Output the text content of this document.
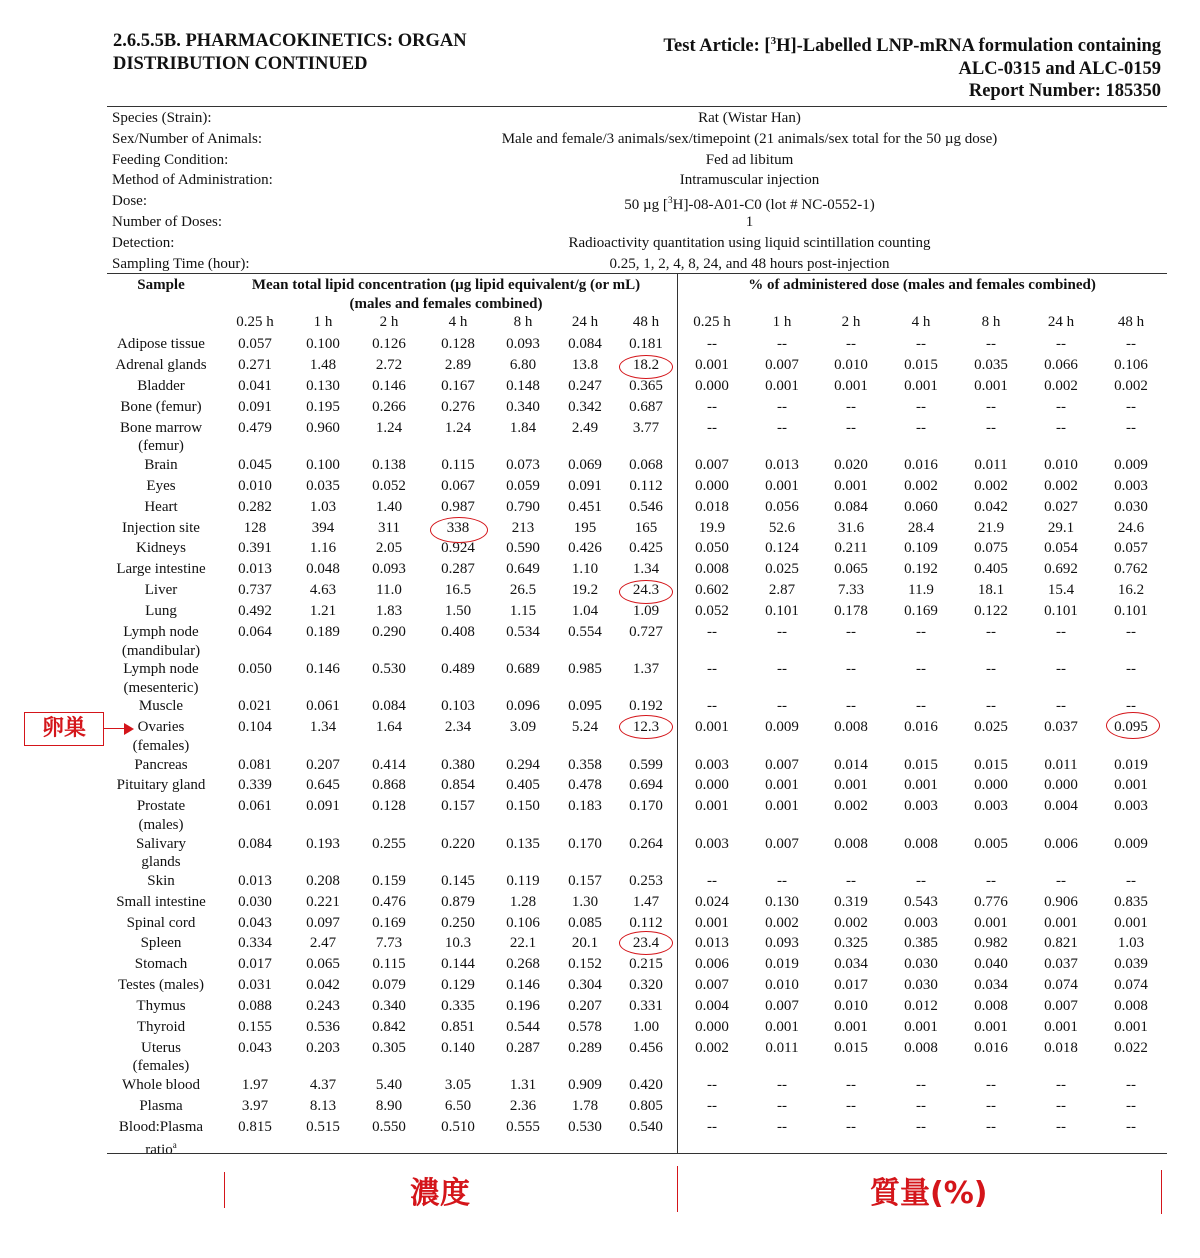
2.6.5.5B. PHARMACOKINETICS: ORGAN
DISTRIBUTION CONTINUED
Test Article: [$^3$H]-Labelled LNP-mRNA formulation containing
ALC-0315 and ALC-0159
Report Number: 185350
Species (Strain):	Rat (Wistar Han)
Sex/Number of Animals:	Male and female/3 animals/sex/timepoint (21 animals/sex total for the 50 µg dose)
Feeding Condition:	Fed ad libitum
Method of Administration:	Intramuscular injection
Dose:	50 µg [$^3$H]-08-A01-C0 (lot # NC-0552-1)
Number of Doses:	1
Detection:	Radioactivity quantitation using liquid scintillation counting
Sampling Time (hour):	0.25, 1, 2, 4, 8, 24, and 48 hours post-injection
Sample	Mean total lipid concentration (µg lipid equivalent/g (or mL)
(males and females combined)
% of administered dose (males and females combined)
0.25 h	1 h	2 h	4 h	8 h	24 h	48 h	0.25 h	1 h	2 h	4 h	8 h	24 h	48 h
Adipose tissue	0.057	0.100	0.126	0.128	0.093	0.084	0.181	--	--	--	--	--	--	--
Adrenal glands	0.271	1.48	2.72	2.89	6.80	13.8	18.2	0.001	0.007	0.010	0.015	0.035	0.066	0.106
Bladder	0.041	0.130	0.146	0.167	0.148	0.247	0.365	0.000	0.001	0.001	0.001	0.001	0.002	0.002
Bone (femur)	0.091	0.195	0.266	0.276	0.340	0.342	0.687	--	--	--	--	--	--	--
Bone marrow
(femur)
0.479	0.960	1.24	1.24	1.84	2.49	3.77	--	--	--	--	--	--	--
Brain	0.045	0.100	0.138	0.115	0.073	0.069	0.068	0.007	0.013	0.020	0.016	0.011	0.010	0.009
Eyes	0.010	0.035	0.052	0.067	0.059	0.091	0.112	0.000	0.001	0.001	0.002	0.002	0.002	0.003
Heart	0.282	1.03	1.40	0.987	0.790	0.451	0.546	0.018	0.056	0.084	0.060	0.042	0.027	0.030
Injection site	128	394	311	338	213	195	165	19.9	52.6	31.6	28.4	21.9	29.1	24.6
Kidneys	0.391	1.16	2.05	0.924	0.590	0.426	0.425	0.050	0.124	0.211	0.109	0.075	0.054	0.057
Large intestine	0.013	0.048	0.093	0.287	0.649	1.10	1.34	0.008	0.025	0.065	0.192	0.405	0.692	0.762
Liver	0.737	4.63	11.0	16.5	26.5	19.2	24.3	0.602	2.87	7.33	11.9	18.1	15.4	16.2
Lung	0.492	1.21	1.83	1.50	1.15	1.04	1.09	0.052	0.101	0.178	0.169	0.122	0.101	0.101
Lymph node
(mandibular)
0.064	0.189	0.290	0.408	0.534	0.554	0.727	--	--	--	--	--	--	--
Lymph node
(mesenteric)
0.050	0.146	0.530	0.489	0.689	0.985	1.37	--	--	--	--	--	--	--
Muscle	0.021	0.061	0.084	0.103	0.096	0.095	0.192	--	--	--	--	--	--	--
Ovaries
(females)
0.104	1.34	1.64	2.34	3.09	5.24	12.3	0.001	0.009	0.008	0.016	0.025	0.037	0.095
Pancreas	0.081	0.207	0.414	0.380	0.294	0.358	0.599	0.003	0.007	0.014	0.015	0.015	0.011	0.019
Pituitary gland	0.339	0.645	0.868	0.854	0.405	0.478	0.694	0.000	0.001	0.001	0.001	0.000	0.000	0.001
Prostate
(males)
0.061	0.091	0.128	0.157	0.150	0.183	0.170	0.001	0.001	0.002	0.003	0.003	0.004	0.003
Salivary
glands
0.084	0.193	0.255	0.220	0.135	0.170	0.264	0.003	0.007	0.008	0.008	0.005	0.006	0.009
Skin	0.013	0.208	0.159	0.145	0.119	0.157	0.253	--	--	--	--	--	--	--
Small intestine	0.030	0.221	0.476	0.879	1.28	1.30	1.47	0.024	0.130	0.319	0.543	0.776	0.906	0.835
Spinal cord	0.043	0.097	0.169	0.250	0.106	0.085	0.112	0.001	0.002	0.002	0.003	0.001	0.001	0.001
Spleen	0.334	2.47	7.73	10.3	22.1	20.1	23.4	0.013	0.093	0.325	0.385	0.982	0.821	1.03
Stomach	0.017	0.065	0.115	0.144	0.268	0.152	0.215	0.006	0.019	0.034	0.030	0.040	0.037	0.039
Testes (males)	0.031	0.042	0.079	0.129	0.146	0.304	0.320	0.007	0.010	0.017	0.030	0.034	0.074	0.074
Thymus	0.088	0.243	0.340	0.335	0.196	0.207	0.331	0.004	0.007	0.010	0.012	0.008	0.007	0.008
Thyroid	0.155	0.536	0.842	0.851	0.544	0.578	1.00	0.000	0.001	0.001	0.001	0.001	0.001	0.001
Uterus
(females)
0.043	0.203	0.305	0.140	0.287	0.289	0.456	0.002	0.011	0.015	0.008	0.016	0.018	0.022
Whole blood	1.97	4.37	5.40	3.05	1.31	0.909	0.420	--	--	--	--	--	--	--
Plasma	3.97	8.13	8.90	6.50	2.36	1.78	0.805	--	--	--	--	--	--	--
Blood:Plasma
ratio$^a$
0.815	0.515	0.550	0.510	0.555	0.530	0.540	--	--	--	--	--	--	--
卵巣
濃度	質量(%)
